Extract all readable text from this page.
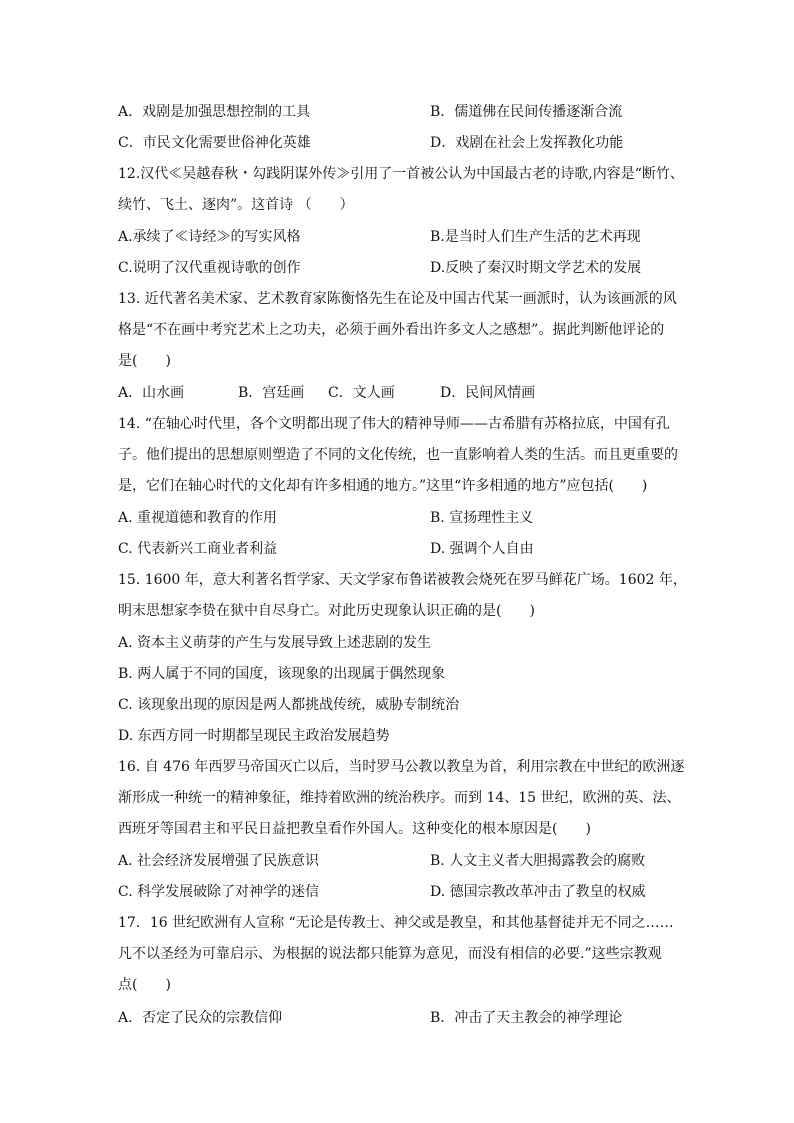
A．戏剧是加强思想控制的工具	B．儒道佛在民间传播逐渐合流
C．市民文化需要世俗神化英雄	D．戏剧在社会上发挥教化功能
12.汉代≪吴越春秋・勾践阴谋外传≫引用了一首被公认为中国最古老的诗歌,内容是“断竹、
续竹、飞土、逐肉”。这首诗 （　　）
A.承续了≪诗经≫的写实风格	B.是当时人们生产生活的艺术再现
C.说明了汉代重视诗歌的创作	D.反映了秦汉时期文学艺术的发展
13. 近代著名美术家、艺术教育家陈衡恪先生在论及中国古代某一画派时，认为该画派的风
格是“不在画中考究艺术上之功夫，必须于画外看出许多文人之感想”。据此判断他评论的
是(　　)
A．山水画	B．宫廷画 C．文人画	D．民间风情画
14. “在轴心时代里，各个文明都出现了伟大的精神导师——古希腊有苏格拉底，中国有孔
子。他们提出的思想原则塑造了不同的文化传统，也一直影响着人类的生活。而且更重要的
是，它们在轴心时代的文化却有许多相通的地方。”这里“许多相通的地方”应包括(　　)
A. 重视道德和教育的作用	B. 宣扬理性主义
C. 代表新兴工商业者利益	D. 强调个人自由
15. 1600 年，意大利著名哲学家、天文学家布鲁诺被教会烧死在罗马鲜花广场。1602 年，
明末思想家李贽在狱中自尽身亡。对此历史现象认识正确的是(　　)
A. 资本主义萌芽的产生与发展导致上述悲剧的发生
B. 两人属于不同的国度，该现象的出现属于偶然现象
C. 该现象出现的原因是两人都挑战传统，威胁专制统治
D. 东西方同一时期都呈现民主政治发展趋势
16. 自 476 年西罗马帝国灭亡以后，当时罗马公教以教皇为首，利用宗教在中世纪的欧洲逐
渐形成一种统一的精神象征，维持着欧洲的统治秩序。而到 14、15 世纪，欧洲的英、法、
西班牙等国君主和平民日益把教皇看作外国人。这种变化的根本原因是(　　)
A. 社会经济发展增强了民族意识	B. 人文主义者大胆揭露教会的腐败
C. 科学发展破除了对神学的迷信	D. 德国宗教改革冲击了教皇的权威
17．16 世纪欧洲有人宣称 “无论是传教士、神父或是教皇，和其他基督徒并无不同之……
凡不以圣经为可靠启示、为根据的说法都只能算为意见，而没有相信的必要.”这些宗教观
点(　　)
A．否定了民众的宗教信仰	B．冲击了天主教会的神学理论
